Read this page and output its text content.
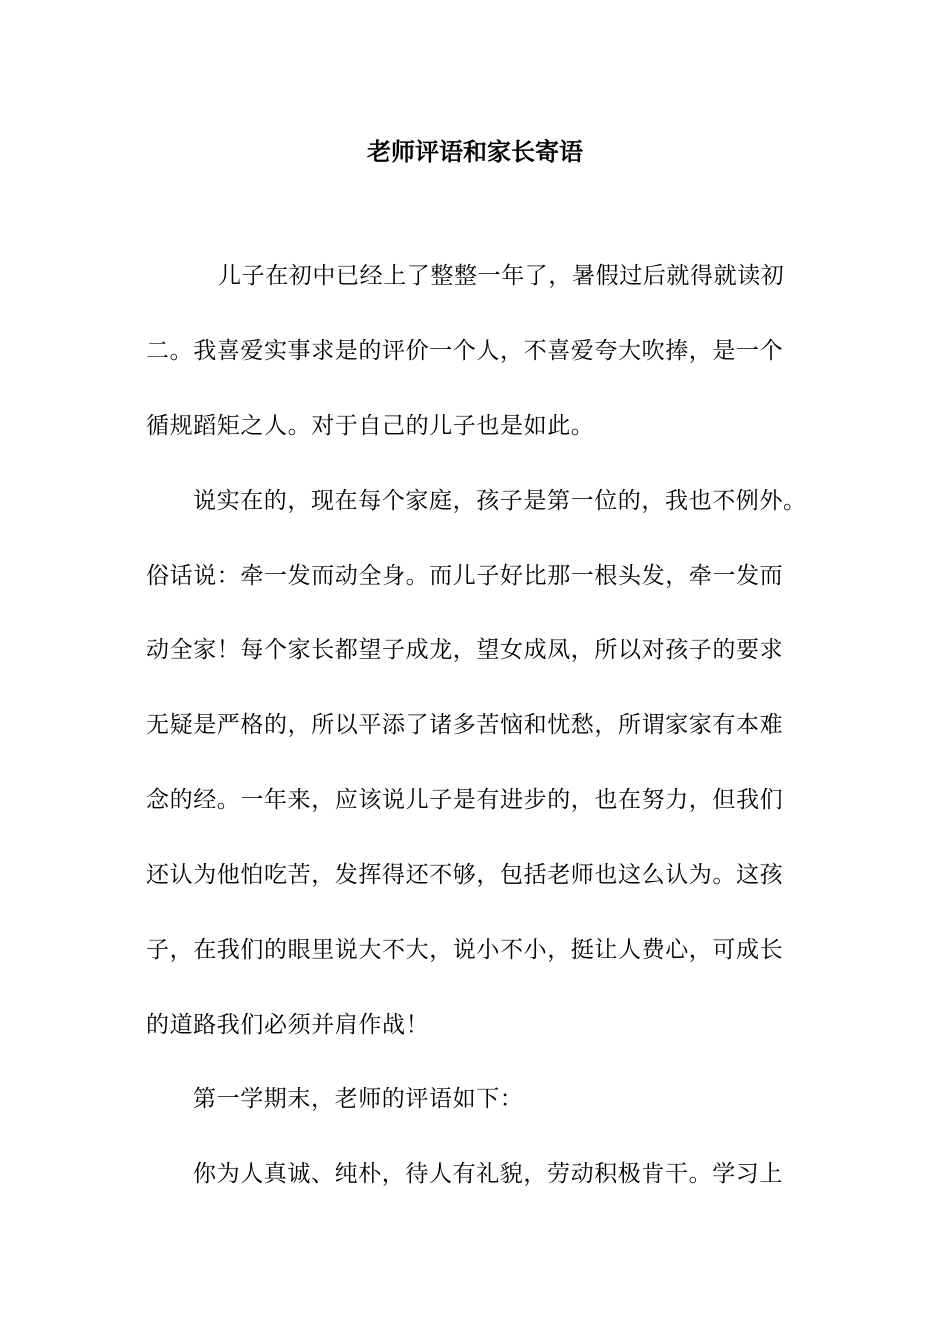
老师评语和家长寄语
儿子在初中已经上了整整一年了，暑假过后就得就读初
二。我喜爱实事求是的评价一个人，不喜爱夸大吹捧，是一个
循规蹈矩之人。对于自己的儿子也是如此。
说实在的，现在每个家庭，孩子是第一位的，我也不例外。
俗话说：牵一发而动全身。而儿子好比那一根头发，牵一发而
动全家！每个家长都望子成龙，望女成凤，所以对孩子的要求
无疑是严格的，所以平添了诸多苦恼和忧愁，所谓家家有本难
念的经。一年来，应该说儿子是有进步的，也在努力，但我们
还认为他怕吃苦，发挥得还不够，包括老师也这么认为。这孩
子，在我们的眼里说大不大，说小不小，挺让人费心，可成长
的道路我们必须并肩作战！
第一学期末，老师的评语如下：
你为人真诚、纯朴，待人有礼貌，劳动积极肯干。学习上
